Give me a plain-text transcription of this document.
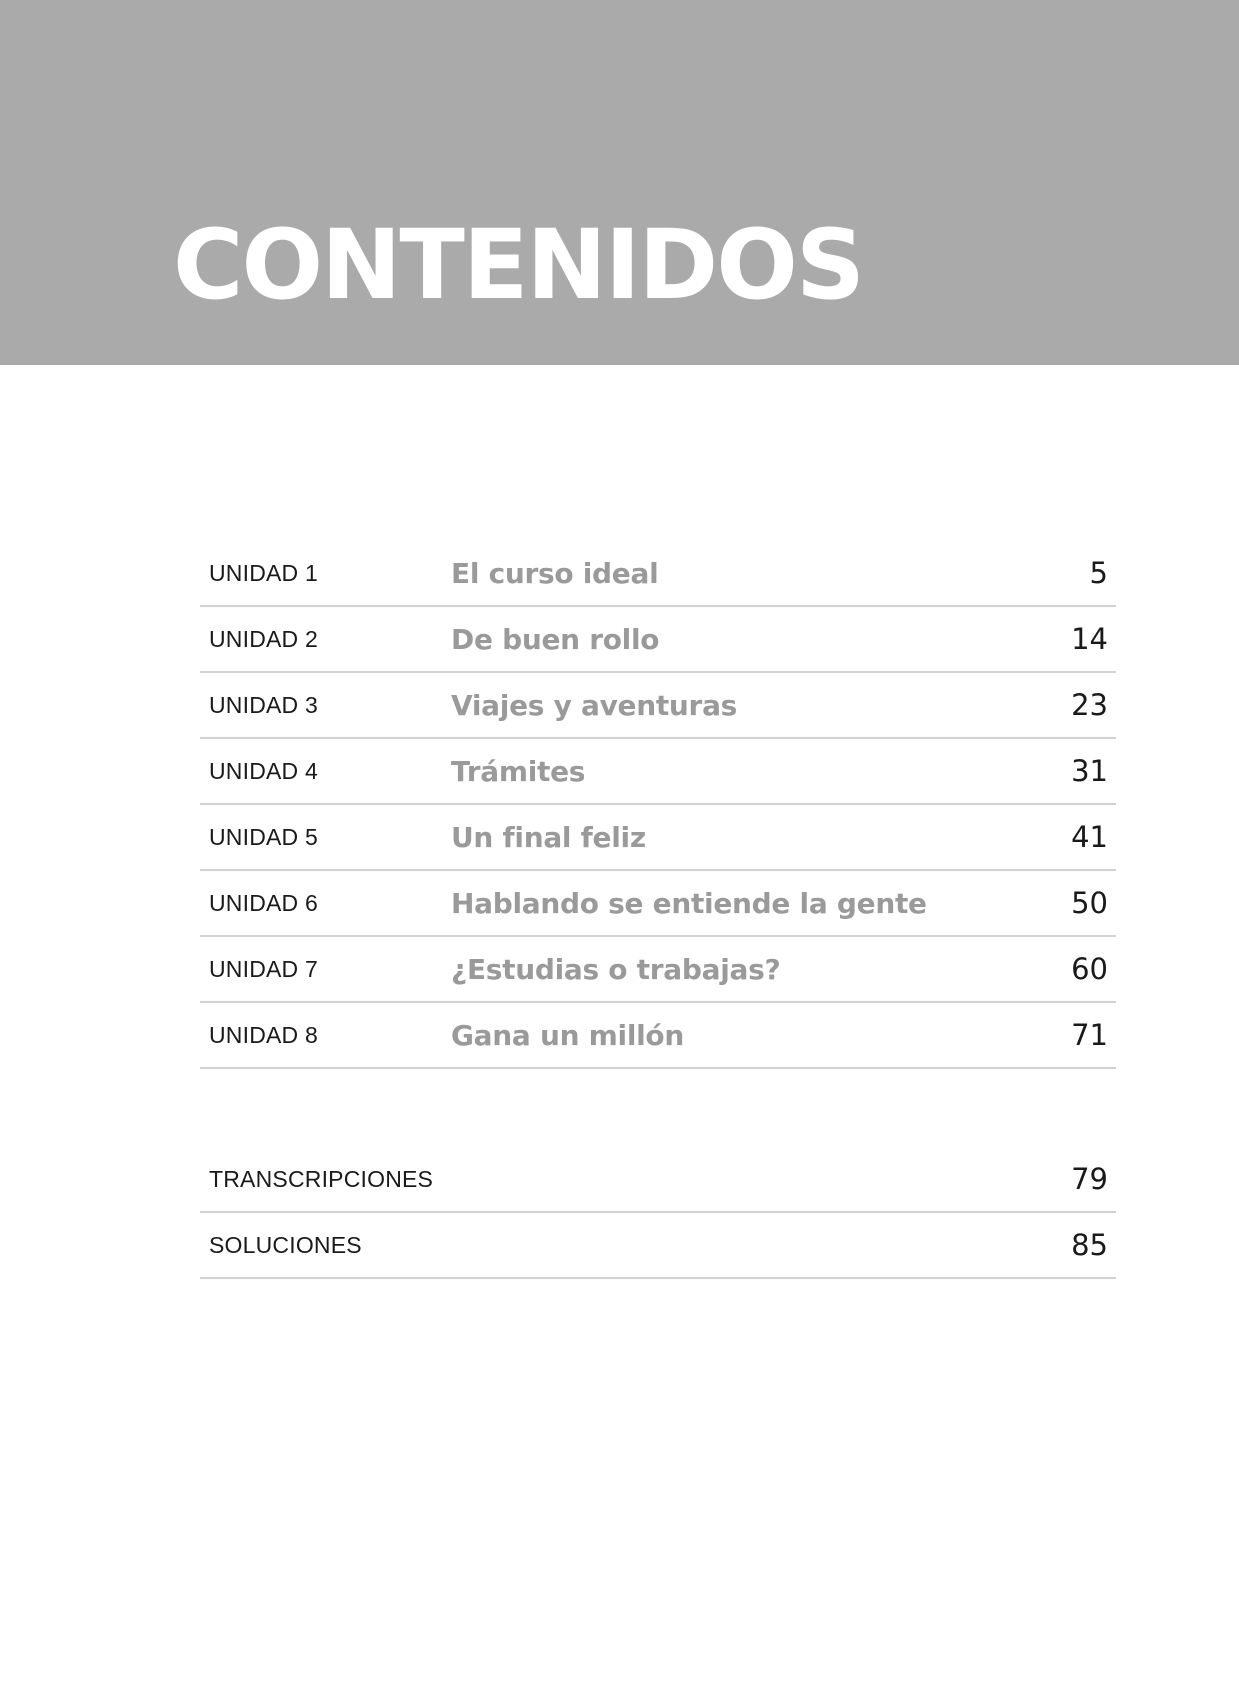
CONTENIDOS
UNIDAD 1	El curso ideal	5
UNIDAD 2	De buen rollo	14
UNIDAD 3	Viajes y aventuras	23
UNIDAD 4	Trámites	31
UNIDAD 5	Un final feliz	41
UNIDAD 6	Hablando se entiende la gente	50
UNIDAD 7	¿Estudias o trabajas?	60
UNIDAD 8	Gana un millón	71
TRANSCRIPCIONES	79
SOLUCIONES	85
